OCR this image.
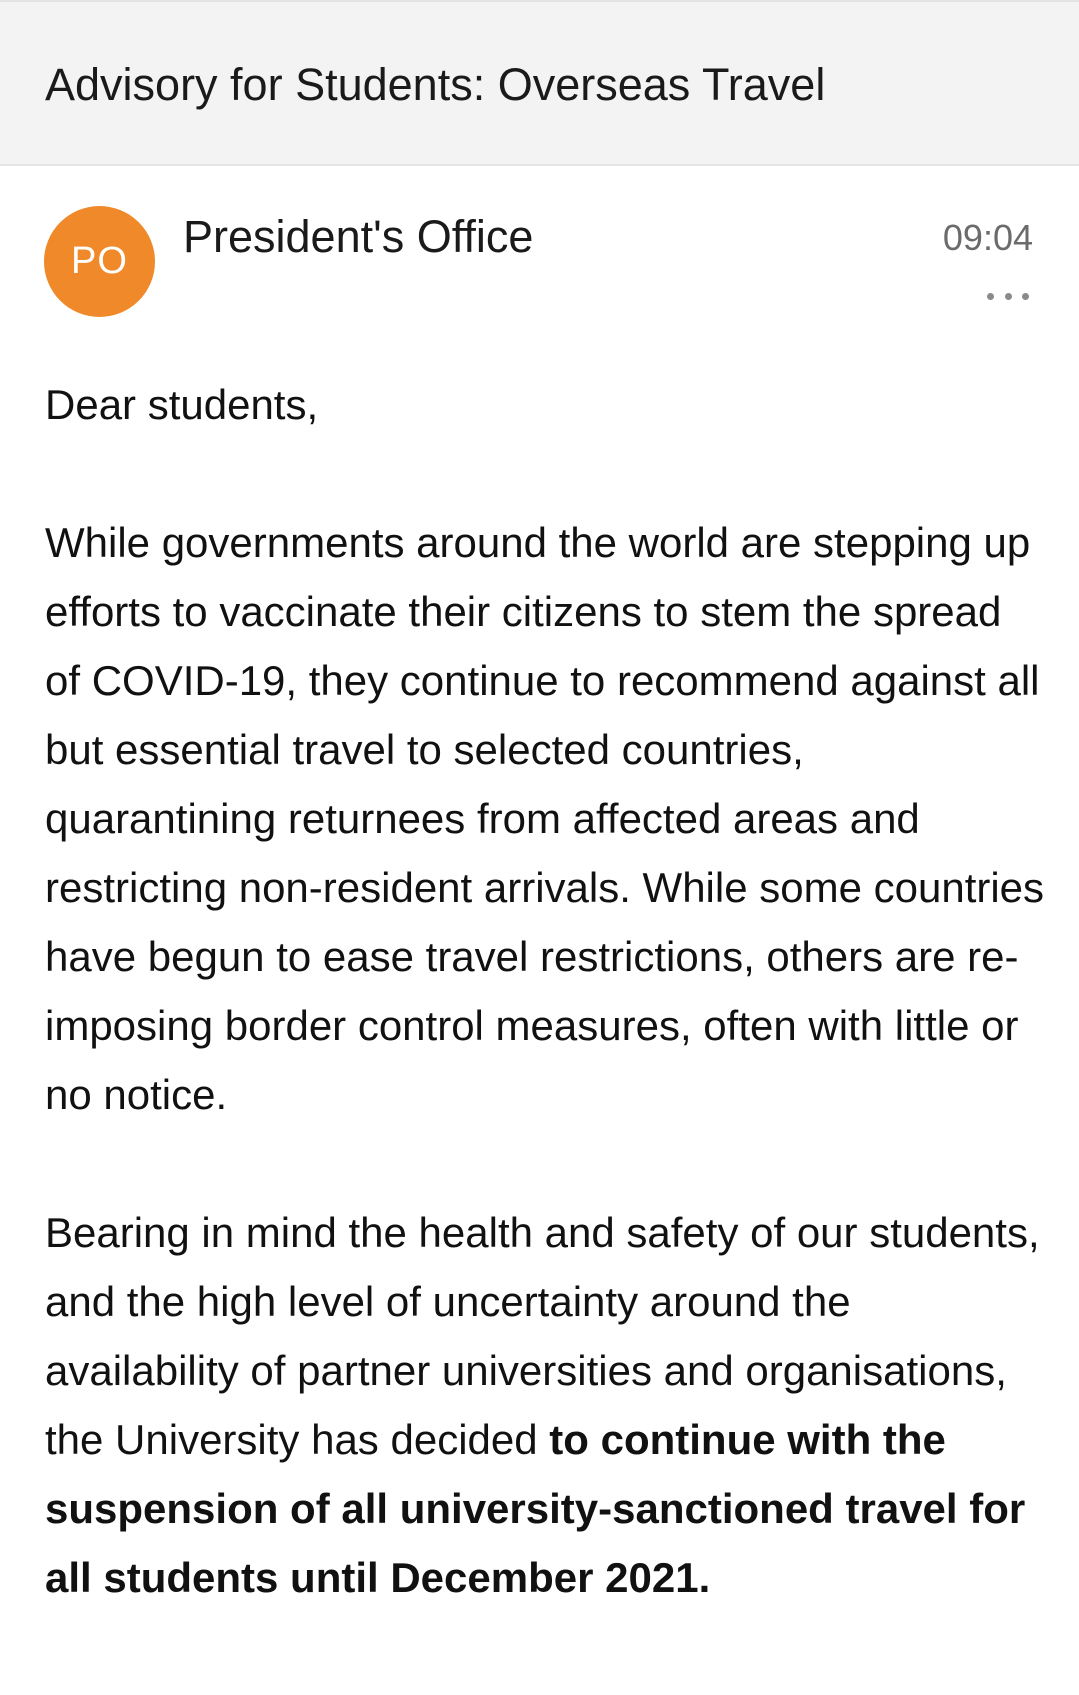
Advisory for Students: Overseas Travel
PO	President's Office	09:04

Dear students,

While governments around the world are stepping up efforts to vaccinate their citizens to stem the spread of COVID-19, they continue to recommend against all but essential travel to selected countries, quarantining returnees from affected areas and restricting non-resident arrivals. While some countries have begun to ease travel restrictions, others are re-imposing border control measures, often with little or no notice.

Bearing in mind the health and safety of our students, and the high level of uncertainty around the availability of partner universities and organisations, the University has decided to continue with the suspension of all university-sanctioned travel for all students until December 2021.
